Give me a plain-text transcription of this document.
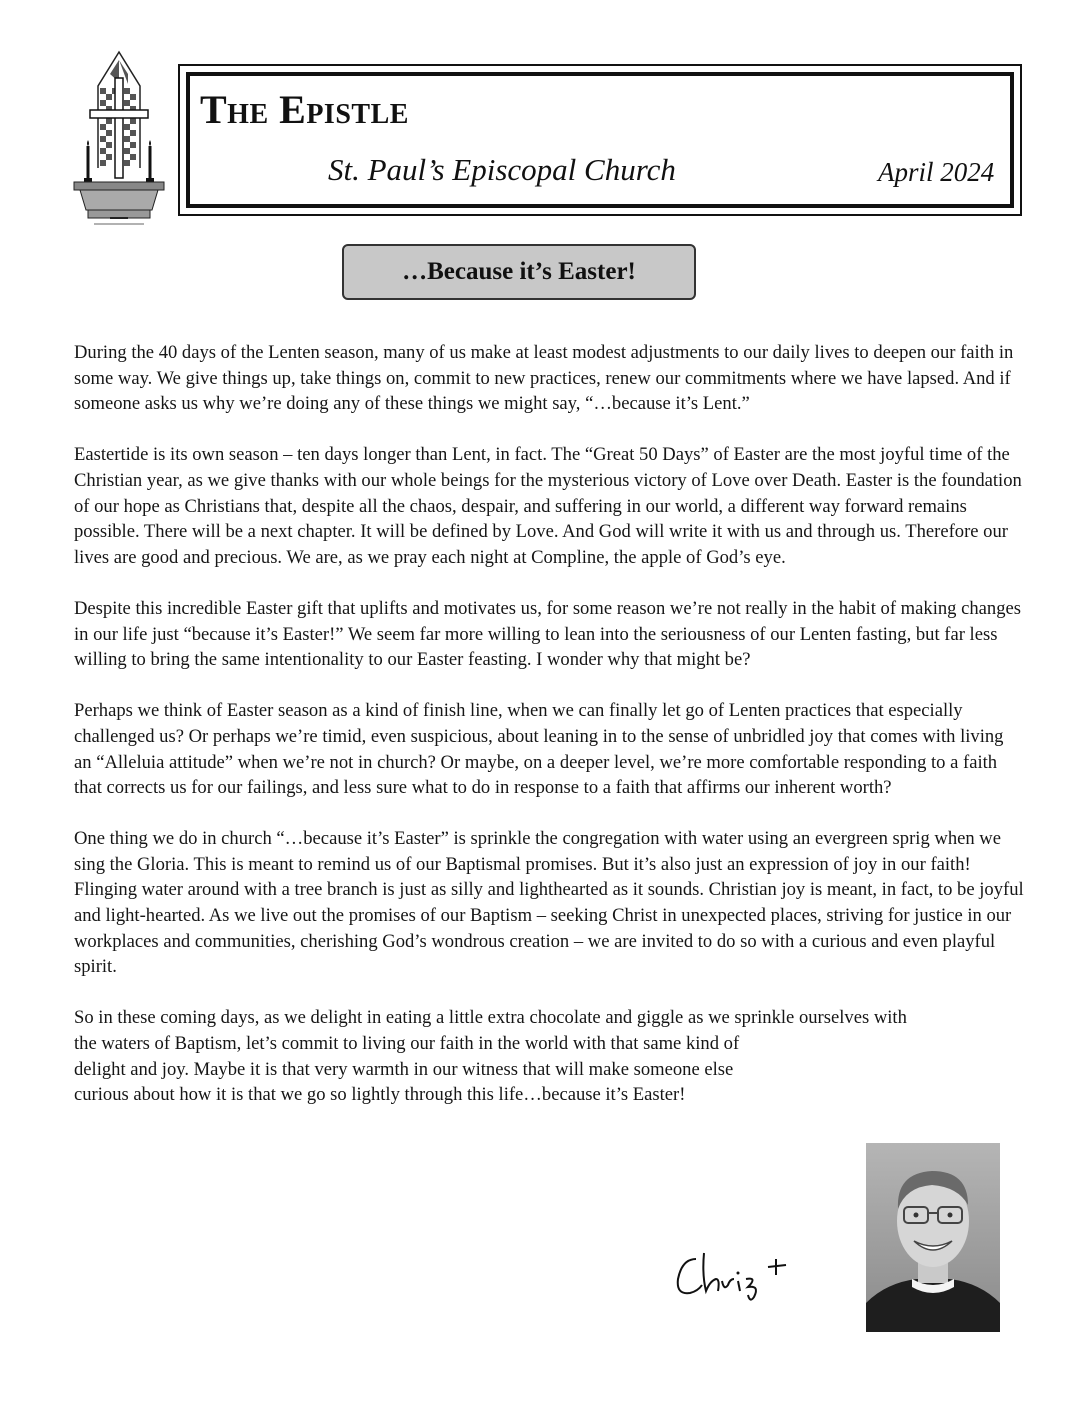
The Epistle
St. Paul’s Episcopal Church	April 2024
…Because it’s Easter!

During the 40 days of the Lenten season, many of us make at least modest adjustments to our daily lives to deepen our faith in some way. We give things up, take things on, commit to new practices, renew our commitments where we have lapsed. And if someone asks us why we’re doing any of these things we might say, “…because it’s Lent.”

Eastertide is its own season – ten days longer than Lent, in fact. The “Great 50 Days” of Easter are the most joyful time of the Christian year, as we give thanks with our whole beings for the mysterious victory of Love over Death. Easter is the foundation of our hope as Christians that, despite all the chaos, despair, and suffering in our world, a different way forward remains possible. There will be a next chapter. It will be defined by Love. And God will write it with us and through us. Therefore our lives are good and precious. We are, as we pray each night at Compline, the apple of God’s eye.

Despite this incredible Easter gift that uplifts and motivates us, for some reason we’re not really in the habit of making changes in our life just “because it’s Easter!” We seem far more willing to lean into the seriousness of our Lenten fasting, but far less willing to bring the same intentionality to our Easter feasting. I wonder why that might be?

Perhaps we think of Easter season as a kind of finish line, when we can finally let go of Lenten practices that especially challenged us? Or perhaps we’re timid, even suspicious, about leaning in to the sense of unbridled joy that comes with living an “Alleluia attitude” when we’re not in church? Or maybe, on a deeper level, we’re more comfortable responding to a faith that corrects us for our failings, and less sure what to do in response to a faith that affirms our inherent worth?

One thing we do in church “…because it’s Easter” is sprinkle the congregation with water using an evergreen sprig when we sing the Gloria. This is meant to remind us of our Baptismal promises. But it’s also just an expression of joy in our faith! Flinging water around with a tree branch is just as silly and lighthearted as it sounds. Christian joy is meant, in fact, to be joyful and light-hearted. As we live out the promises of our Baptism – seeking Christ in unexpected places, striving for justice in our workplaces and communities, cherishing God’s wondrous creation – we are invited to do so with a curious and even playful spirit.

So in these coming days, as we delight in eating a little extra chocolate and giggle as we sprinkle ourselves with
the waters of Baptism, let’s commit to living our faith in the world with that same kind of
delight and joy. Maybe it is that very warmth in our witness that will make someone else
curious about how it is that we go so lightly through this life…because it’s Easter!
